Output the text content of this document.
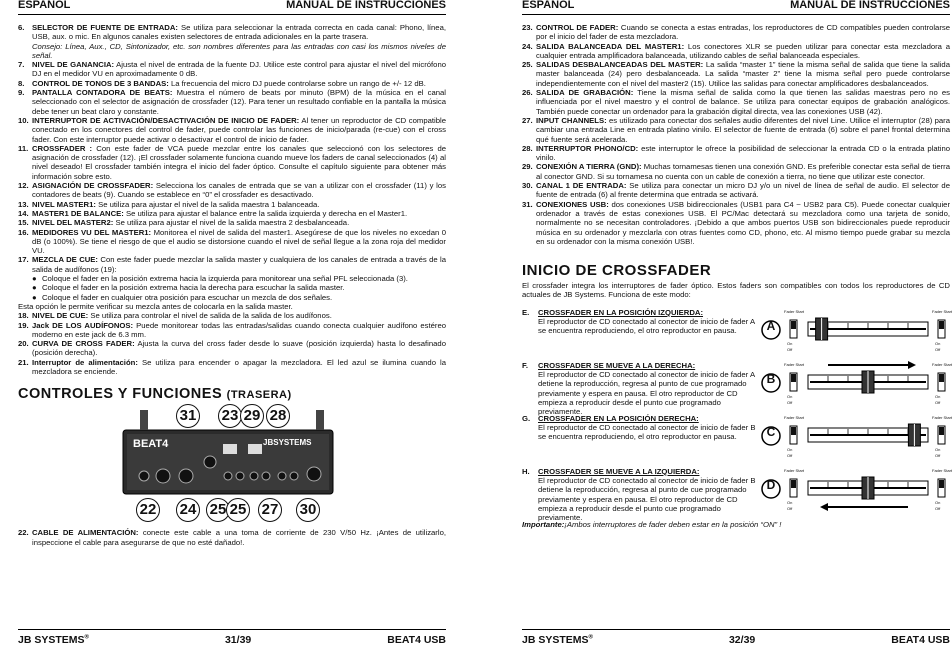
ESPAÑOL	MANUAL DE INSTRUCCIONES
6. SELECTOR DE FUENTE DE ENTRADA: Se utiliza para seleccionar la entrada correcta en cada canal: Phono, línea, USB, aux. o mic. En algunos canales existen selectores de entrada adicionales en la parte trasera.
Consejo: Línea, Aux., CD, Sintonizador, etc. son nombres diferentes para las entradas con casi los mismos niveles de señal.
7. NIVEL DE GANANCIA: Ajusta el nivel de entrada de la fuente DJ. Utilice este control para ajustar el nivel del micrófono DJ en el medidor VU en aproximadamente 0 dB.
8. CONTROL DE TONOS DE 3 BANDAS: La frecuencia del micro DJ puede controlarse sobre un rango de +/- 12 dB.
9. PANTALLA CONTADORA DE BEATS: Muestra el número de beats por minuto (BPM) de la música en el canal seleccionado con el selector de asignación de crossfader (12). Para tener un resultado confiable en la pantalla la música debe tener un beat claro y constante.
10. INTERRUPTOR DE ACTIVACIÓN/DESACTIVACIÓN DE INICIO DE FADER: Al tener un reproductor de CD compatible conectado en los conectores del control de fader, puede controlar las funciones de inicio/parada (re-cue) con el cross fader. Con este interruptor puede activar o desactivar el control de inicio de fader.
11. CROSSFADER : Con este fader de VCA puede mezclar entre los canales que seleccionó con los selectores de asignación de crossfader (12). ¡El crossfader solamente funciona cuando mueve los faders de canal seleccionados (4) al nivel deseado! El crossfader también integra el inicio del fader óptico. Consulte el capítulo siguiente para obtener más información sobre esto.
12. ASIGNACIÓN DE CROSSFADER: Selecciona los canales de entrada que se van a utilizar con el crossfader (11) y los contadores de beats (9). Cuando se establece en “0” el crossfader es desactivado.
13. NIVEL MASTER1: Se utiliza para ajustar el nivel de la salida maestra 1 balanceada.
14. MASTER1 DE BALANCE: Se utiliza para ajustar el balance entre la salida izquierda y derecha en el Master1.
15. NIVEL DEL MASTER2: Se utiliza para ajustar el nivel de la salida maestra 2 desbalanceada.
16. MEDIDORES VU DEL MASTER1: Monitorea el nivel de salida del master1. Asegúrese de que los niveles no excedan 0 dB (o 100%). Se tiene el riesgo de que el audio se distorsione cuando el nivel de señal llegue a la zona roja del medidor VU.
17. MEZCLA DE CUE: Con este fader puede mezclar la salida master y cualquiera de los canales de entrada a través de la salida de audífonos (19):
● Coloque el fader en la posición extrema hacia la izquierda para monitorear una señal PFL seleccionada (3).
● Coloque el fader en la posición extrema hacia la derecha para escuchar la salida master.
● Coloque el fader en cualquier otra posición para escuchar un mezcla de dos señales.
Esta opción le permite verificar su mezcla antes de colocarla en la salida master.
18. NIVEL DE CUE: Se utiliza para controlar el nivel de salida de la salida de los audífonos.
19. Jack DE LOS AUDÍFONOS: Puede monitorear todas las entradas/salidas cuando conecta cualquier audífono estéreo moderno en este jack de 6.3 mm.
20. CURVA DE CROSS FADER: Ajusta la curva del cross fader desde lo suave (posición izquierda) hasta lo desafinado (posición derecha).
21. Interruptor de alimentación: Se utiliza para encender o apagar la mezcladora. El led azul se ilumina cuando la mezcladora se enciende.
CONTROLES Y FUNCIONES (TRASERA)
BEAT4	JBSYSTEMS
31 23 29 28
22 24 25 25 27 30
22. CABLE DE ALIMENTACIÓN: conecte este cable a una toma de corriente de 230 V/50 Hz. ¡Antes de utilizarlo, inspeccione el cable para asegurarse de que no esté dañado!.
JB SYSTEMS®	31/39	BEAT4 USB
ESPAÑOL	MANUAL DE INSTRUCCIONES
23. CONTROL DE FADER: Cuando se conecta a estas entradas, los reproductores de CD compatibles pueden controlarse por el inicio del fader de esta mezcladora.
24. SALIDA BALANCEADA DEL MASTER1: Los conectores XLR se pueden utilizar para conectar esta mezcladora a cualquier entrada amplificadora balanceada, utilizando cables de señal balanceada especiales.
25. SALIDAS DESBALANCEADAS DEL MASTER: La salida “master 1” tiene la misma señal de salida que tiene la salida master balanceada (24) pero desbalanceada. La salida “master 2” tiene la misma señal pero puede controlarse independientemente con el nivel del master2 (15). Utilice las salidas para conectar amplificadores desbalanceados.
26. SALIDA DE GRABACIÓN: Tiene la misma señal de salida como la que tienen las salidas maestras pero no es influenciada por el nivel maestro y el control de balance. Se utiliza para conectar equipos de grabación analógicos. También puede conectar un ordenador para la grabación digital directa, vea las conexiones USB (42).
27. INPUT CHANNELS: es utilizado para conectar dos señales audio diferentes del nivel Line. Utilice el interruptor (28) para cambiar una entrada Line en entrada platino vinilo. El selector de fuente de entrada (6) sobre el panel frontal determina qué fuente será acelerada.
28. INTERRUPTOR PHONO/CD: este interruptor le ofrece la posibilidad de seleccionar la entrada CD o la entrada platino vinilo.
29. CONEXIÓN A TIERRA (GND): Muchas tornamesas tienen una conexión GND. Es preferible conectar esta señal de tierra al conector GND. Si su tornamesa no cuenta con un cable de conexión a tierra, no tiene que utilizar este conector.
30. CANAL 1 DE ENTRADA: Se utiliza para conectar un micro DJ y/o un nivel de línea de señal de audio. El selector de fuente de entrada (6) al frente determina que entrada se activará.
31. CONEXIONES USB: dos conexiones USB bidireccionales (USB1 para C4 ~ USB2 para C5). Puede conectar cualquier ordenador a través de estas conexiones USB. El PC/Mac detectará su mezcladora como una tarjeta de sonido, normalmente no se necesitan controladores. ¡Debido a que ambos puertos USB son bidireccionales puede reproducir música en su ordenador y mezclarla con otras fuentes como CD, phono, etc. Al mismo tiempo puede grabar su mezcla en su ordenador con la misma conexión USB!.
INICIO DE CROSSFADER
El crossfader integra los interruptores de fader óptico. Estos faders son compatibles con todos los reproductores de CD actuales de JB Systems. Funciona de este modo:
E.	CROSSFADER EN LA POSICIÓN IZQUIERDA:
El reproductor de CD conectado al conector de inicio de fader A se encuentra reproduciendo, el otro reproductor en pausa.	A
Fader Start
On
Off
Fader Start
On
Off
F.	CROSSFADER SE MUEVE A LA DERECHA:
El reproductor de CD conectado al conector de inicio de fader A detiene la reproducción, regresa al punto de cue programado previamente y espera en pausa. El otro reproductor de CD empieza a reproducir desde el punto cue programado previamente.
B
Fader Start
On
Off
Fader Start
On
Off
G.	CROSSFADER EN LA POSICIÓN DERECHA:
El reproductor de CD conectado al conector de inicio de fader B se encuentra reproduciendo, el otro reproductor en pausa.	C
Fader Start
On
Off
Fader Start
On
Off
H.	CROSSFADER SE MUEVE A LA IZQUIERDA:
El reproductor de CD conectado al conector de inicio de fader B detiene la reproducción, regresa al punto de cue programado previamente y espera en pausa. El otro reproductor de CD empieza a reproducir desde el punto cue programado previamente.
D
Fader Start
On
Off
Fader Start
On
Off
Importante:¡Ambos interruptores de fader deben estar en la posición “ON” !
JB SYSTEMS®	32/39	BEAT4 USB
